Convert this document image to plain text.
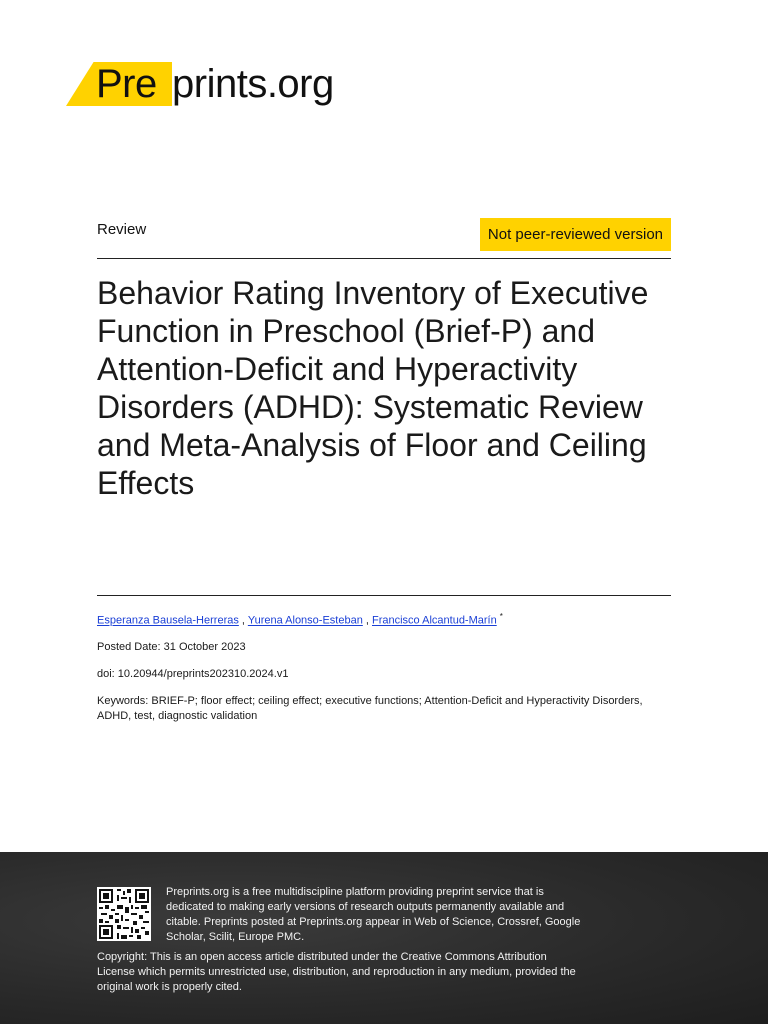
Pre prints.org
Review	Not peer-reviewed version
Behavior Rating Inventory of Executive Function in Preschool (Brief-P) and Attention-Deficit and Hyperactivity Disorders (ADHD): Systematic Review and Meta-Analysis of Floor and Ceiling Effects
Esperanza Bausela-Herreras , Yurena Alonso-Esteban , Francisco Alcantud-Marín *
Posted Date: 31 October 2023
doi: 10.20944/preprints202310.2024.v1
Keywords: BRIEF-P; floor effect; ceiling effect; executive functions; Attention-Deficit and Hyperactivity Disorders, ADHD, test, diagnostic validation
Preprints.org is a free multidiscipline platform providing preprint service that is dedicated to making early versions of research outputs permanently available and citable. Preprints posted at Preprints.org appear in Web of Science, Crossref, Google Scholar, Scilit, Europe PMC.
Copyright: This is an open access article distributed under the Creative Commons Attribution License which permits unrestricted use, distribution, and reproduction in any medium, provided the original work is properly cited.
